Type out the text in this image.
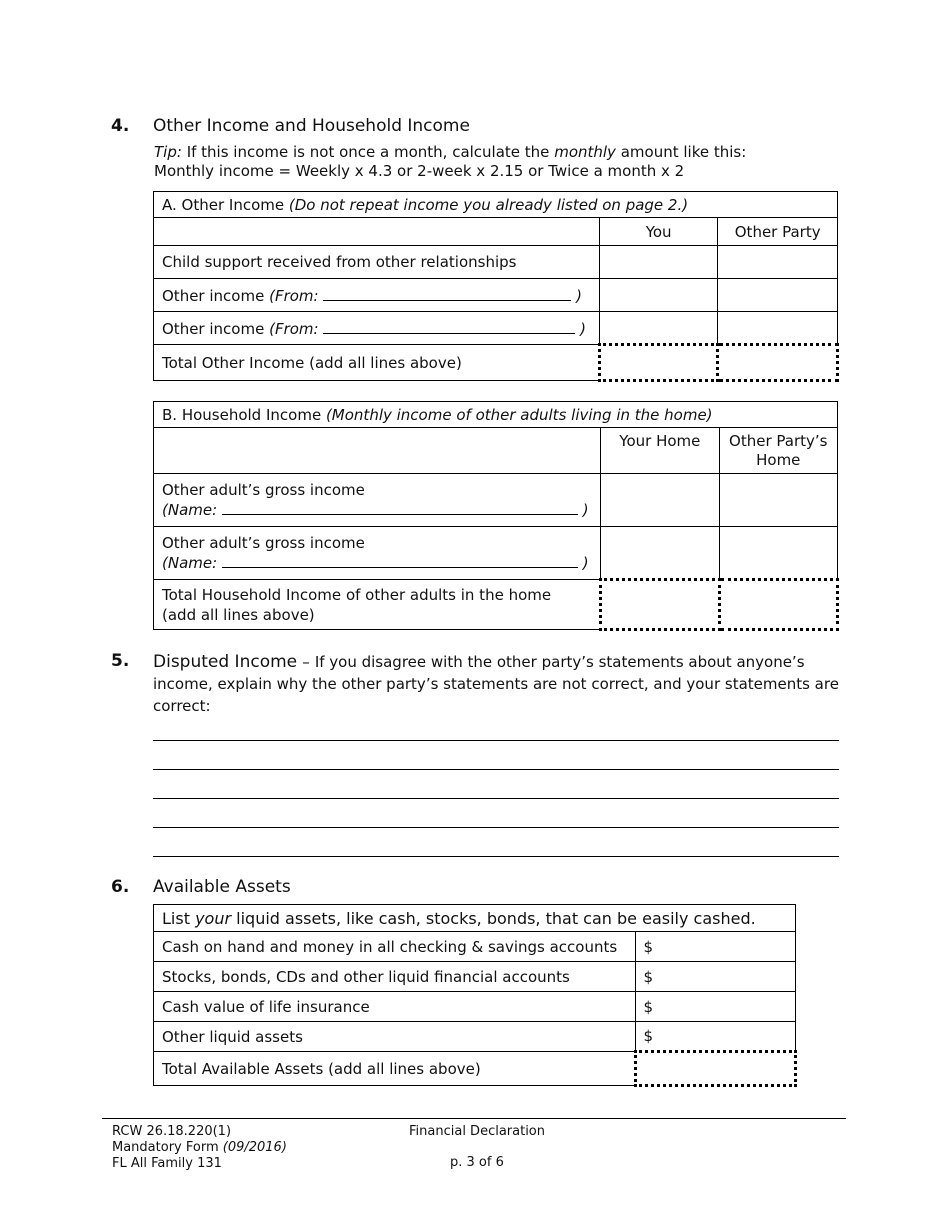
4. Other Income and Household Income
Tip: If this income is not once a month, calculate the monthly amount like this:
Monthly income = Weekly x 4.3 or 2-week x 2.15 or Twice a month x 2
A. Other Income (Do not repeat income you already listed on page 2.)		
	You	Other Party
Child support received from other relationships		
Other income (From: )		
Other income (From: )		
Total Other Income (add all lines above)		
B. Household Income (Monthly income of other adults living in the home)		
	Your Home	Other Party’s Home
Other adult’s gross income
(Name: )		
Other adult’s gross income
(Name: )		
Total Household Income of other adults in the home
(add all lines above)		
5. Disputed Income – If you disagree with the other party’s statements about anyone’s income, explain why the other party’s statements are not correct, and your statements are correct:
6. Available Assets
List your liquid assets, like cash, stocks, bonds, that can be easily cashed.	
Cash on hand and money in all checking & savings accounts	$
Stocks, bonds, CDs and other liquid financial accounts	$
Cash value of life insurance	$
Other liquid assets	$
Total Available Assets (add all lines above)	
RCW 26.18.220(1)
Mandatory Form (09/2016)
FL All Family 131
Financial Declaration
p. 3 of 6
